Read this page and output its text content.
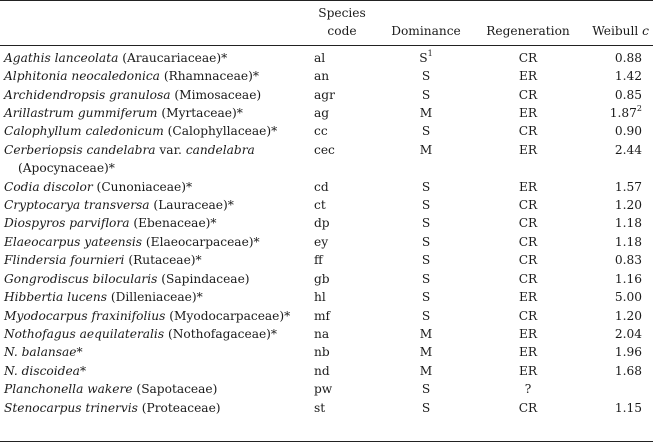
	Species
code	Dominance	Regeneration	Weibull c
Agathis lanceolata (Araucariaceae)*	al	$S^1$	CR	0.88
Alphitonia neocaledonica (Rhamnaceae)*	an	S	ER	1.42
Archidendropsis granulosa (Mimosaceae)	agr	S	CR	0.85
Arillastrum gummiferum (Myrtaceae)*	ag	M	ER	1.87$^2$
Calophyllum caledonicum (Calophyllaceae)*	cc	S	CR	0.90
Cerberiopsis candelabra var. candelabra
(Apocynaceae)*	cec	M	ER	2.44
Codia discolor (Cunoniaceae)*	cd	S	ER	1.57
Cryptocarya transversa (Lauraceae)*	ct	S	CR	1.20
Diospyros parviflora (Ebenaceae)*	dp	S	CR	1.18
Elaeocarpus yateensis (Elaeocarpaceae)*	ey	S	CR	1.18
Flindersia fournieri (Rutaceae)*	ff	S	CR	0.83
Gongrodiscus bilocularis (Sapindaceae)	gb	S	CR	1.16
Hibbertia lucens (Dilleniaceae)*	hl	S	ER	5.00
Myodocarpus fraxinifolius (Myodocarpaceae)*	mf	S	CR	1.20
Nothofagus aequilateralis (Nothofagaceae)*	na	M	ER	2.04
N. balansae*	nb	M	ER	1.96
N. discoidea*	nd	M	ER	1.68
Planchonella wakere (Sapotaceae)	pw	S	?	
Stenocarpus trinervis (Proteaceae)	st	S	CR	1.15
